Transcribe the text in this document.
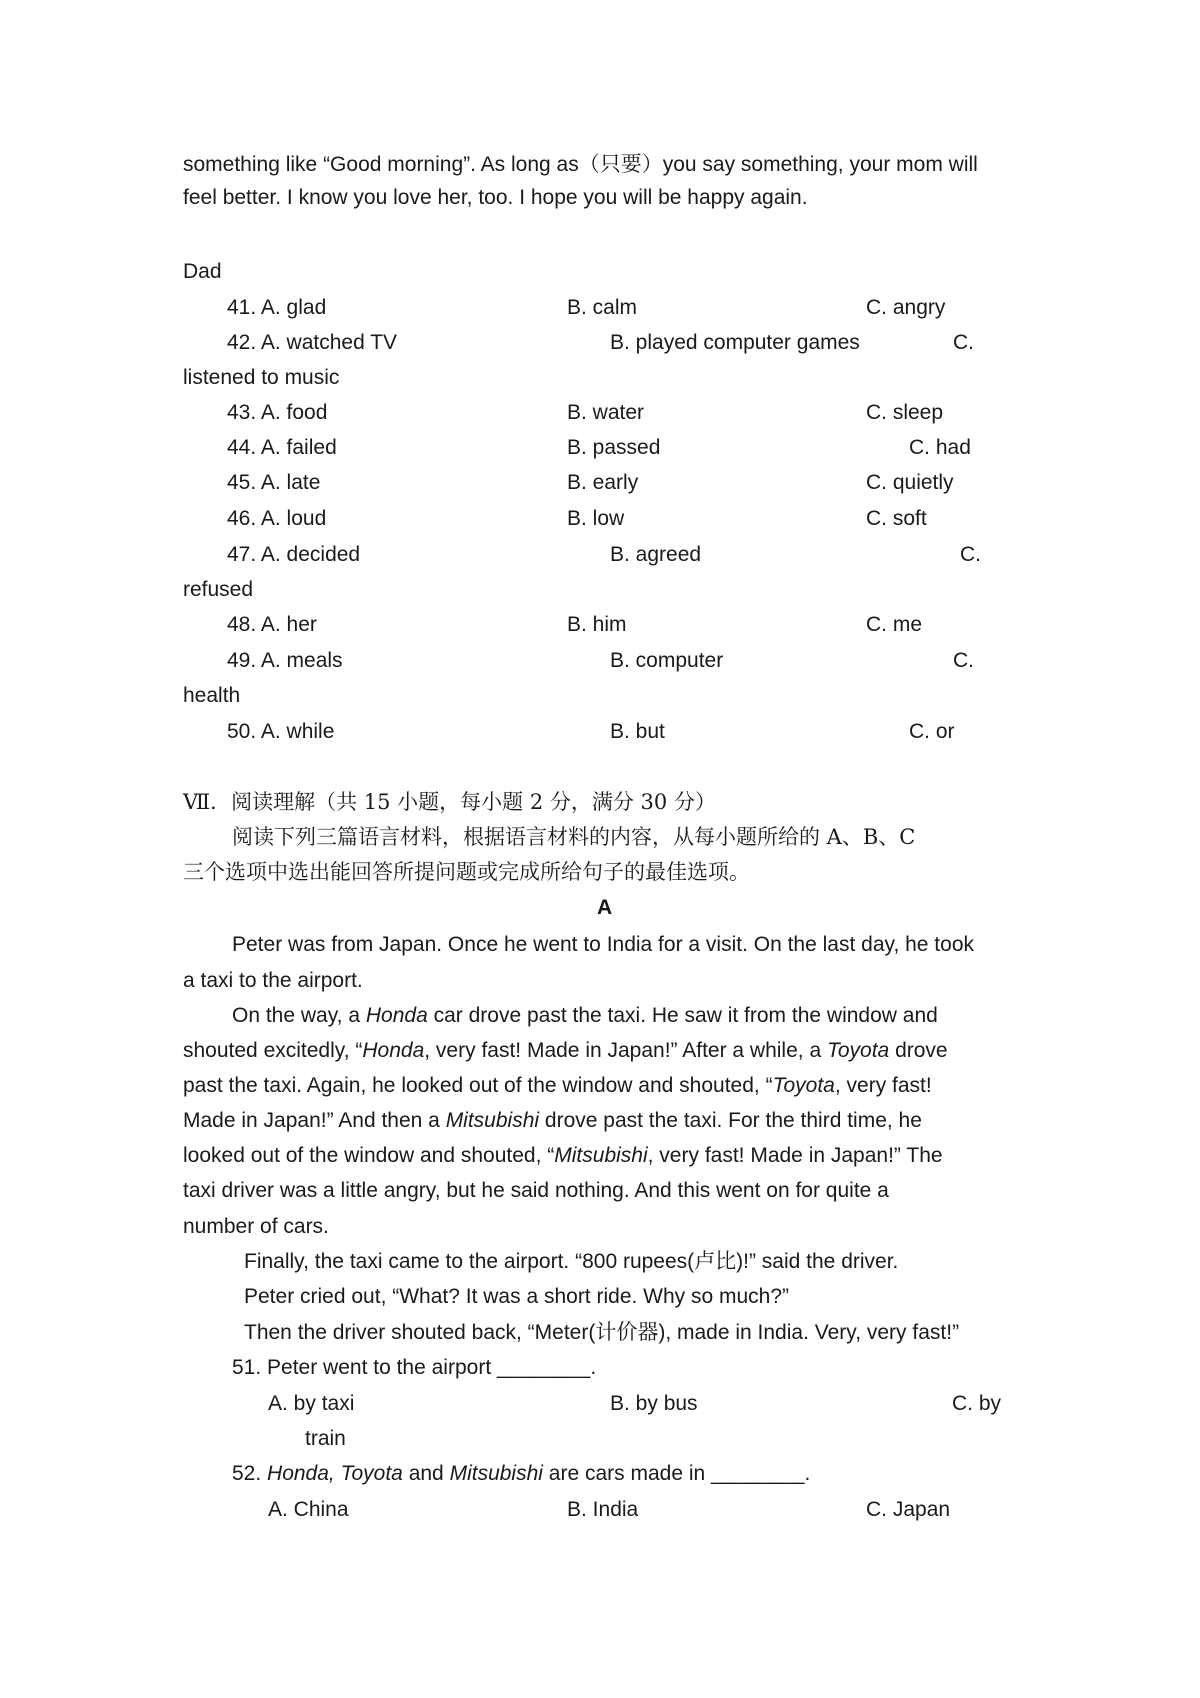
something like “Good morning”. As long as（只要）you say something, your mom will
feel better. I know you love her, too. I hope you will be happy again.
Dad
41. A. glad	B. calm	C. angry
42. A. watched TV	B. played computer games	C.
listened to music
43. A. food	B. water	C. sleep
44. A. failed	B. passed	C. had
45. A. late	B. early	C. quietly
46. A. loud	B. low	C. soft
47. A. decided	B. agreed	C.
refused
48. A. her	B. him	C. me
49. A. meals	B. computer	C.
health
50. A. while	B. but	C. or
Ⅶ．阅读理解（共 15 小题，每小题 2 分，满分 30 分）
阅读下列三篇语言材料，根据语言材料的内容，从每小题所给的 A、B、C
三个选项中选出能回答所提问题或完成所给句子的最佳选项。
A
Peter was from Japan. Once he went to India for a visit. On the last day, he took
a taxi to the airport.
On the way, a Honda car drove past the taxi. He saw it from the window and
shouted excitedly, “Honda, very fast! Made in Japan!” After a while, a Toyota drove
past the taxi. Again, he looked out of the window and shouted, “Toyota, very fast!
Made in Japan!” And then a Mitsubishi drove past the taxi. For the third time, he
looked out of the window and shouted, “Mitsubishi, very fast! Made in Japan!” The
taxi driver was a little angry, but he said nothing. And this went on for quite a
number of cars.
Finally, the taxi came to the airport. “800 rupees(卢比)!” said the driver.
Peter cried out, “What? It was a short ride. Why so much?”
Then the driver shouted back, “Meter(计价器), made in India. Very, very fast!”
51. Peter went to the airport ________.
A. by taxi	B. by bus	C. by
train
52. Honda, Toyota and Mitsubishi are cars made in ________.
A. China	B. India	C. Japan
